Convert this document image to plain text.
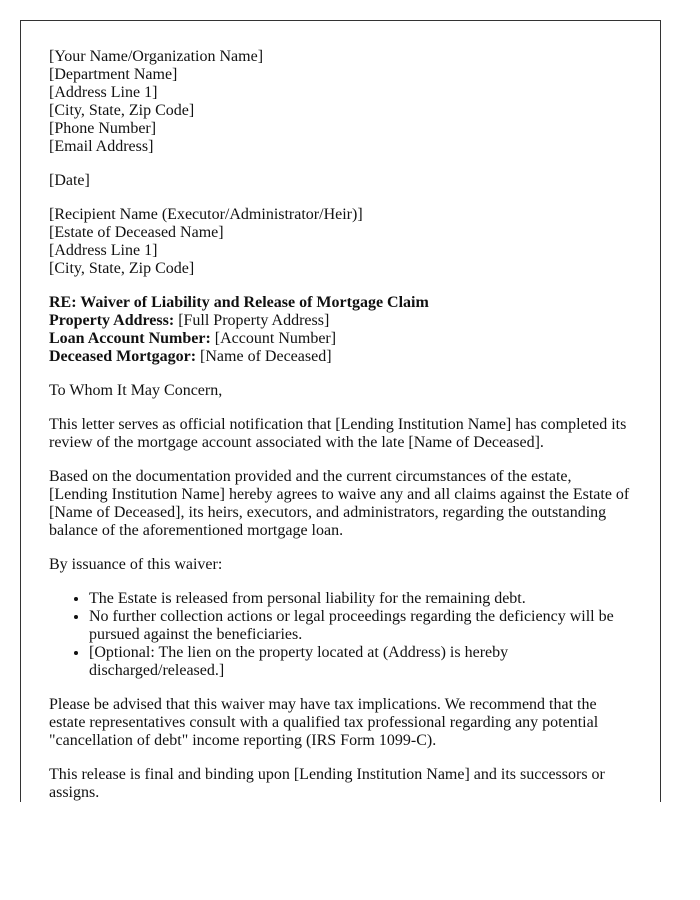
[Your Name/Organization Name]
[Department Name]
[Address Line 1]
[City, State, Zip Code]
[Phone Number]
[Email Address]

[Date]

[Recipient Name (Executor/Administrator/Heir)]
[Estate of Deceased Name]
[Address Line 1]
[City, State, Zip Code]

RE: Waiver of Liability and Release of Mortgage Claim
Property Address: [Full Property Address]
Loan Account Number: [Account Number]
Deceased Mortgagor: [Name of Deceased]

To Whom It May Concern,

This letter serves as official notification that [Lending Institution Name] has completed its review of the mortgage account associated with the late [Name of Deceased].

Based on the documentation provided and the current circumstances of the estate, [Lending Institution Name] hereby agrees to waive any and all claims against the Estate of [Name of Deceased], its heirs, executors, and administrators, regarding the outstanding balance of the aforementioned mortgage loan.

By issuance of this waiver:

• The Estate is released from personal liability for the remaining debt.
• No further collection actions or legal proceedings regarding the deficiency will be pursued against the beneficiaries.
• [Optional: The lien on the property located at (Address) is hereby discharged/released.]

Please be advised that this waiver may have tax implications. We recommend that the estate representatives consult with a qualified tax professional regarding any potential "cancellation of debt" income reporting (IRS Form 1099-C).

This release is final and binding upon [Lending Institution Name] and its successors or assigns.
